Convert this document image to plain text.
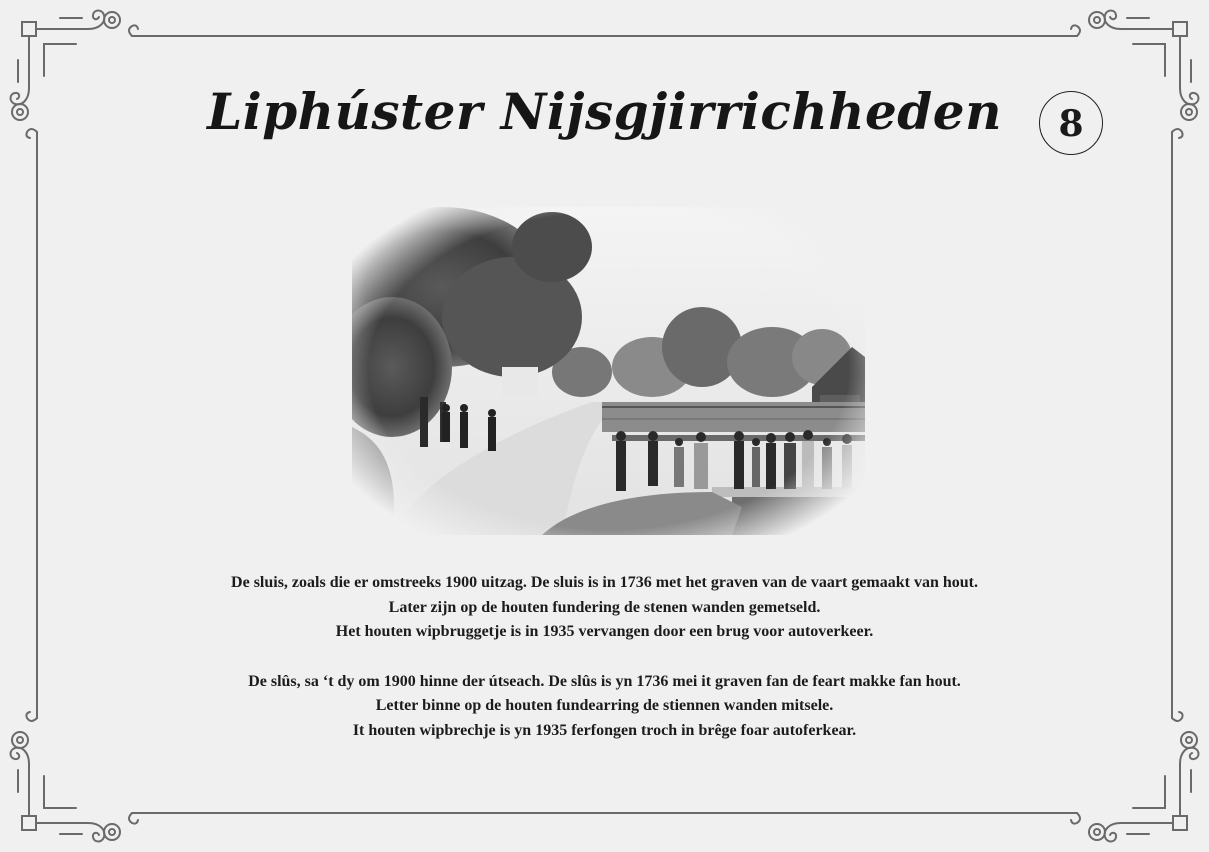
Liphúster Nijsgjirrichheden	8

De sluis, zoals die er omstreeks 1900 uitzag. De sluis is in 1736 met het graven van de vaart gemaakt van hout.

Later zijn op de houten fundering de stenen wanden gemetseld.

Het houten wipbruggetje is in 1935 vervangen door een brug voor autoverkeer.

De slûs, sa ‘t dy om 1900 hinne der útseach. De slûs is yn 1736 mei it graven fan de feart makke fan hout.

Letter binne op de houten fundearring de stiennen wanden mitsele.

It houten wipbrechje is yn 1935 ferfongen troch in brêge foar autoferkear.
